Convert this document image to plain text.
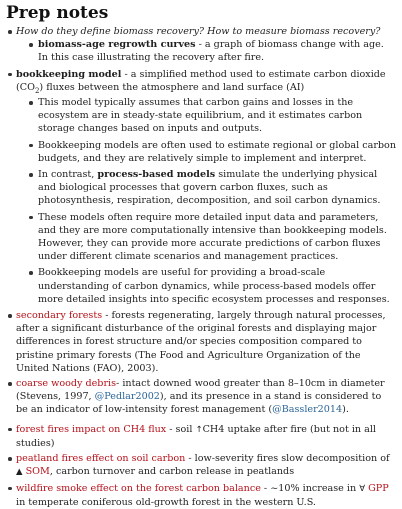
Prep notes
How do they define biomass recovery? How to measure biomass recovery?
biomass-age regrowth curves - a graph of biomass change with age. In this case illustrating the recovery after fire.
bookkeeping model - a simplified method used to estimate carbon dioxide $(CO_2)$ fluxes between the atmosphere and land surface (AI)
This model typically assumes that carbon gains and losses in the ecosystem are in steady-state equilibrium, and it estimates carbon storage changes based on inputs and outputs.
Bookkeeping models are often used to estimate regional or global carbon budgets, and they are relatively simple to implement and interpret.
In contrast, process-based models simulate the underlying physical and biological processes that govern carbon fluxes, such as photosynthesis, respiration, decomposition, and soil carbon dynamics.
These models often require more detailed input data and parameters, and they are more computationally intensive than bookkeeping models. However, they can provide more accurate predictions of carbon fluxes under different climate scenarios and management practices.
Bookkeeping models are useful for providing a broad-scale understanding of carbon dynamics, while process-based models offer more detailed insights into specific ecosystem processes and responses.
secondary forests - forests regenerating, largely through natural processes, after a significant disturbance of the original forests and displaying major differences in forest structure and/or species composition compared to pristine primary forests (The Food and Agriculture Organization of the United Nations (FAO), 2003).
coarse woody debris- intact downed wood greater than 8–10cm in diameter (Stevens, 1997, @Pedlar2002), and its presence in a stand is considered to be an indicator of low-intensity forest management (@Bassler2014).
forest fires impact on CH4 flux - soil ↑CH4 uptake after fire (but not in all studies)
peatland fires effect on soil carbon - low-severity fires slow decomposition of ▲ SOM, carbon turnover and carbon release in peatlands
wildfire smoke effect on the forest carbon balance - ~10% increase in ∀ GPP in temperate coniferous old-growth forest in the western U.S.
